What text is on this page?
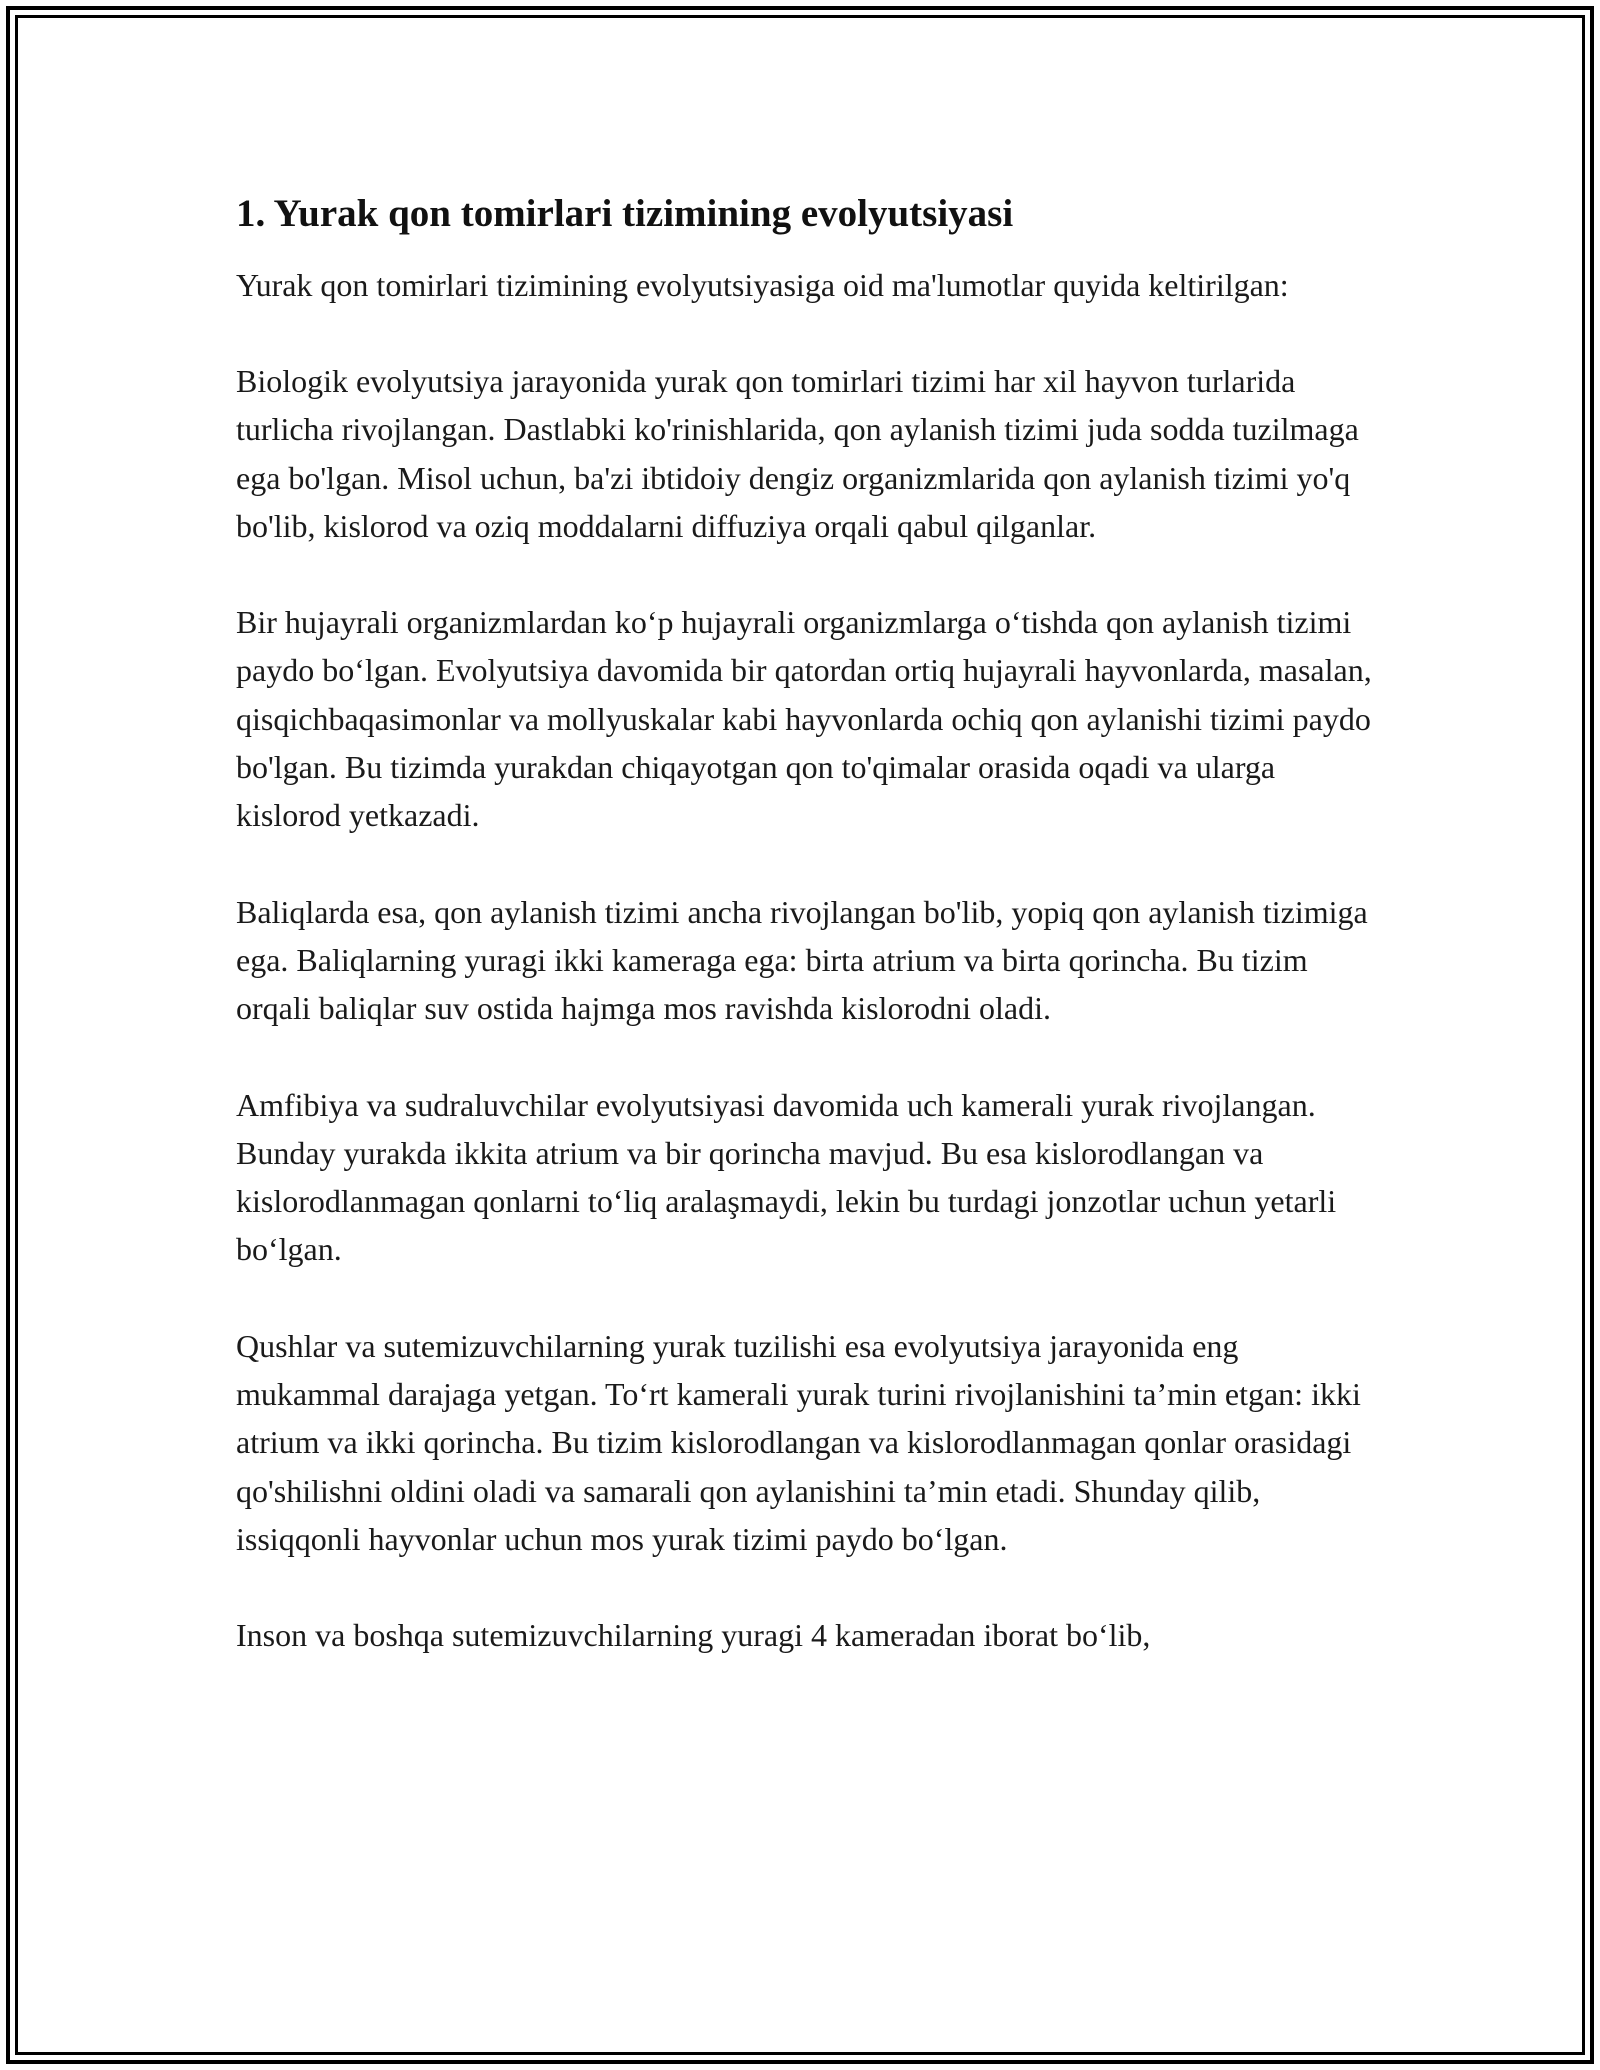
1. Yurak qon tomirlari tizimining evolyutsiyasi

Yurak qon tomirlari tizimining evolyutsiyasiga oid ma'lumotlar quyida keltirilgan:

Biologik evolyutsiya jarayonida yurak qon tomirlari tizimi har xil hayvon turlarida turlicha rivojlangan. Dastlabki ko'rinishlarida, qon aylanish tizimi juda sodda tuzilmaga ega bo'lgan. Misol uchun, ba'zi ibtidoiy dengiz organizmlarida qon aylanish tizimi yo'q bo'lib, kislorod va oziq moddalarni diffuziya orqali qabul qilganlar.

Bir hujayrali organizmlardan ko‘p hujayrali organizmlarga o‘tishda qon aylanish tizimi paydo bo‘lgan. Evolyutsiya davomida bir qatordan ortiq hujayrali hayvonlarda, masalan, qisqichbaqasimonlar va mollyuskalar kabi hayvonlarda ochiq qon aylanishi tizimi paydo bo'lgan. Bu tizimda yurakdan chiqayotgan qon to'qimalar orasida oqadi va ularga kislorod yetkazadi.

Baliqlarda esa, qon aylanish tizimi ancha rivojlangan bo'lib, yopiq qon aylanish tizimiga ega. Baliqlarning yuragi ikki kameraga ega: birta atrium va birta qorincha. Bu tizim orqali baliqlar suv ostida hajmga mos ravishda kislorodni oladi.

Amfibiya va sudraluvchilar evolyutsiyasi davomida uch kamerali yurak rivojlangan. Bunday yurakda ikkita atrium va bir qorincha mavjud. Bu esa kislorodlangan va kislorodlanmagan qonlarni to‘liq aralaşmaydi, lekin bu turdagi jonzotlar uchun yetarli bo‘lgan.

Qushlar va sutemizuvchilarning yurak tuzilishi esa evolyutsiya jarayonida eng mukammal darajaga yetgan. To‘rt kamerali yurak turini rivojlanishini ta’min etgan: ikki atrium va ikki qorincha. Bu tizim kislorodlangan va kislorodlanmagan qonlar orasidagi qo'shilishni oldini oladi va samarali qon aylanishini ta’min etadi. Shunday qilib, issiqqonli hayvonlar uchun mos yurak tizimi paydo bo‘lgan.

Inson va boshqa sutemizuvchilarning yuragi 4 kameradan iborat bo‘lib,
